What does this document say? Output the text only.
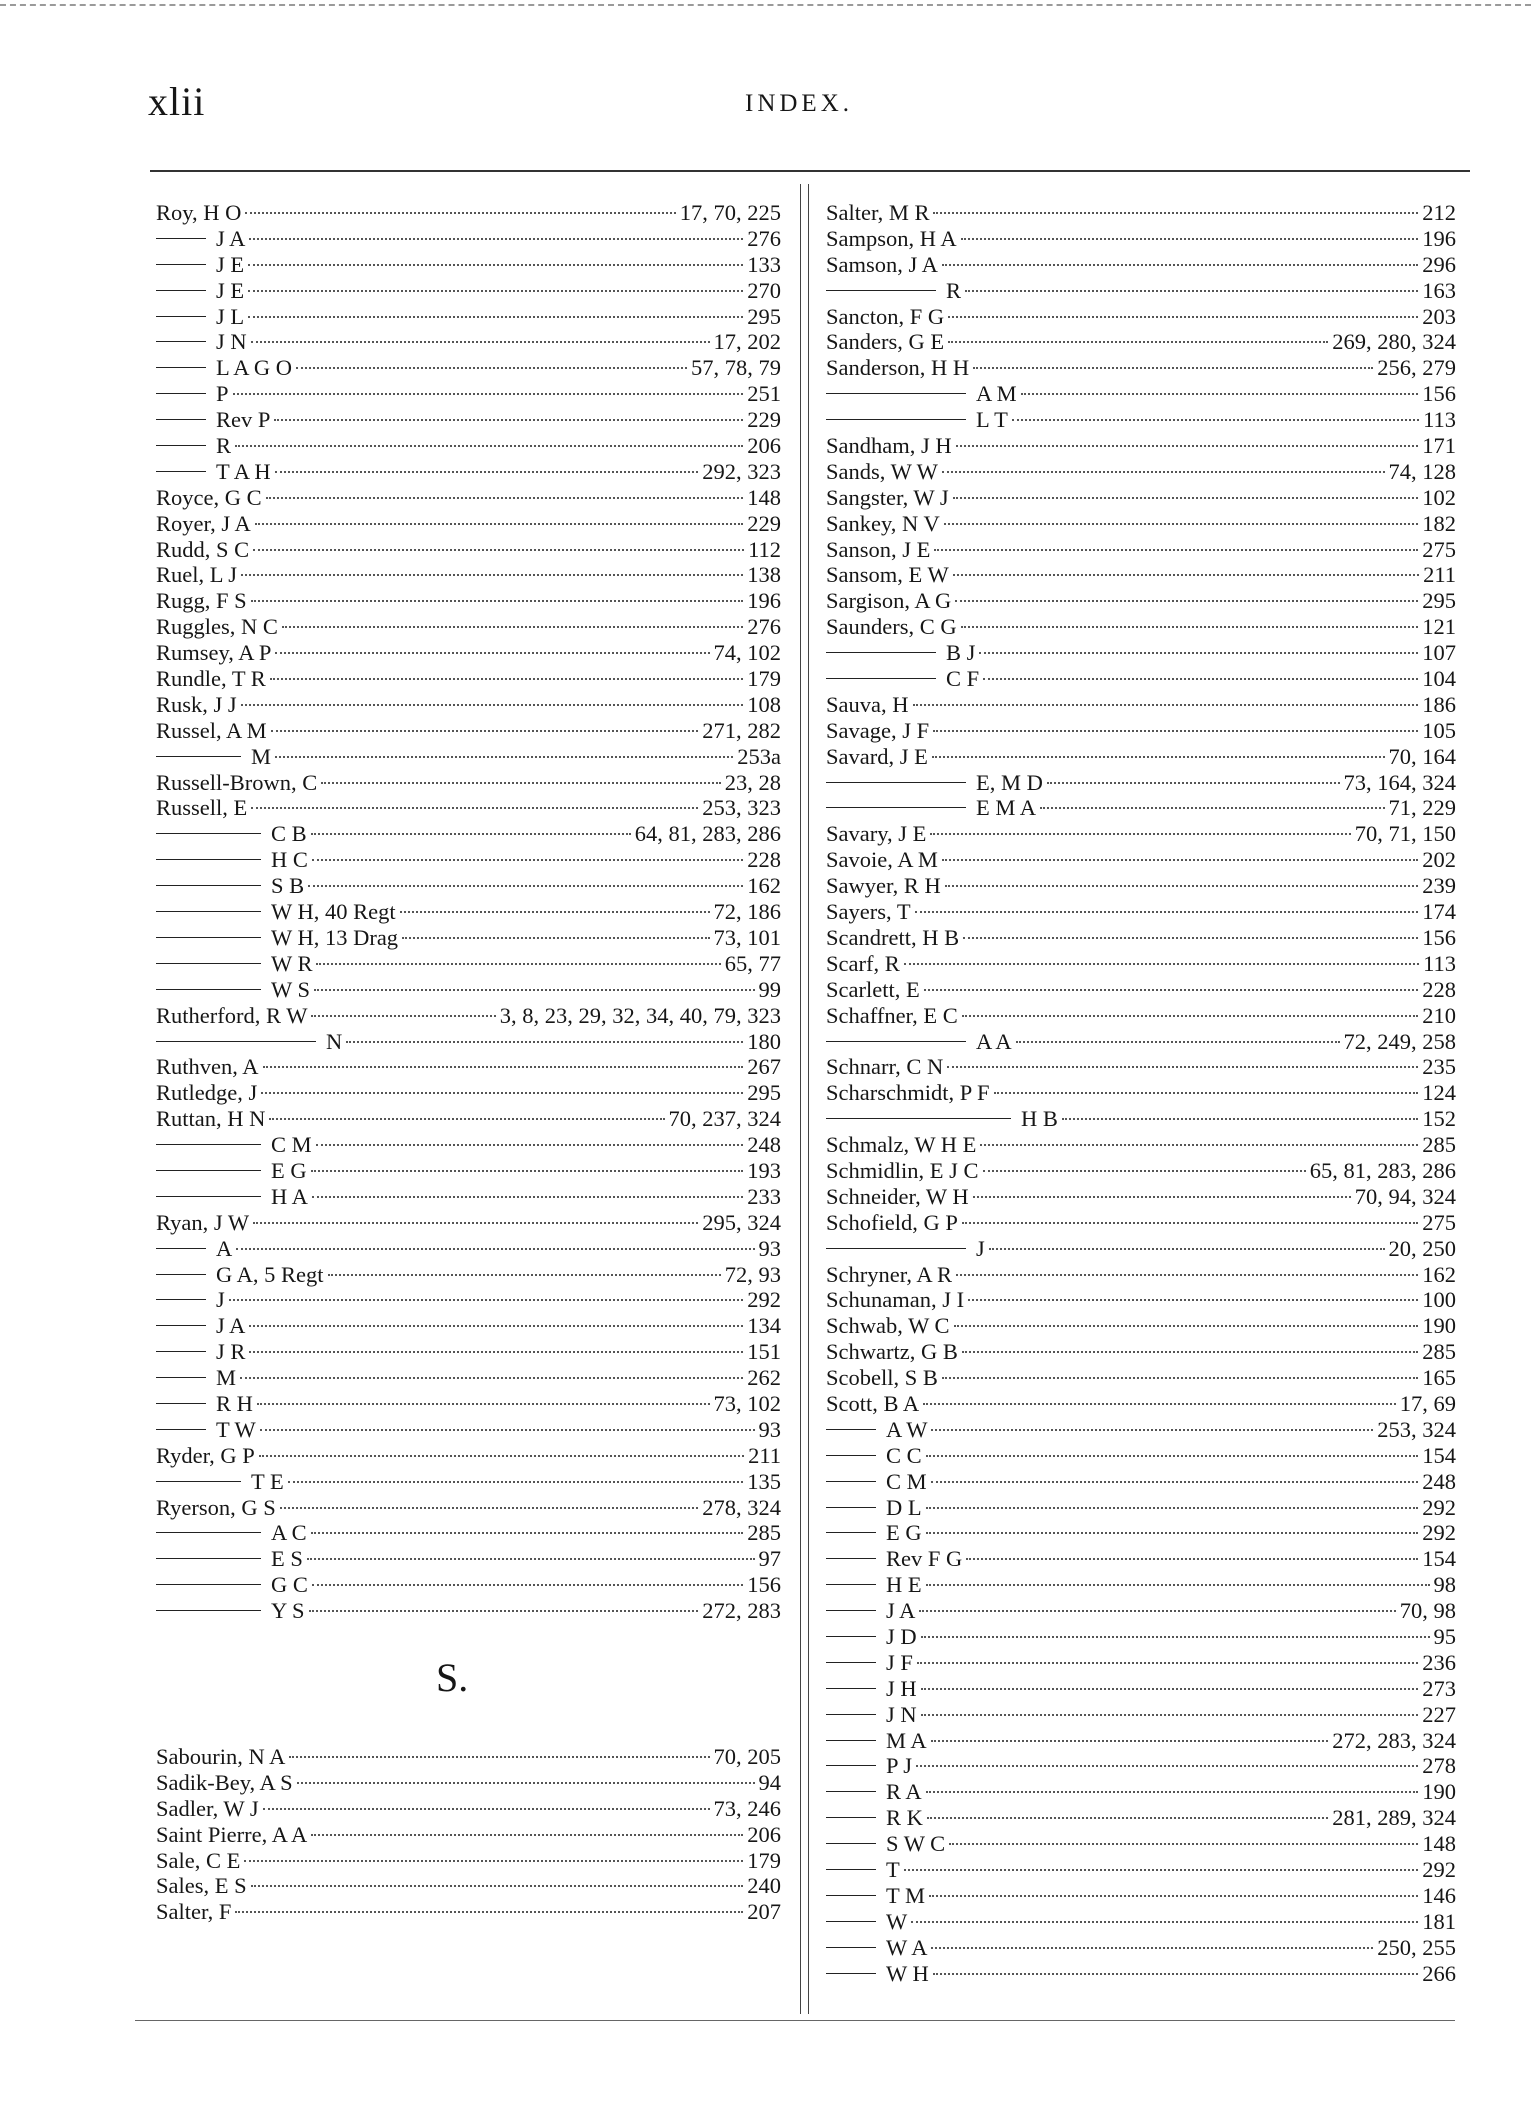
xlii	INDEX.
Roy, H O	17, 70, 225
J A	276
J E	133
J E	270
J L	295
J N	17, 202
L A G O	57, 78, 79
P	251
Rev P	229
R	206
T A H	292, 323
Royce, G C	148
Royer, J A	229
Rudd, S C	112
Ruel, L J	138
Rugg, F S	196
Ruggles, N C	276
Rumsey, A P	74, 102
Rundle, T R	179
Rusk, J J	108
Russel, A M	271, 282
M	253a
Russell-Brown, C	23, 28
Russell, E	253, 323
C B	64, 81, 283, 286
H C	228
S B	162
W H, 40 Regt	72, 186
W H, 13 Drag	73, 101
W R	65, 77
W S	99
Rutherford, R W	3, 8, 23, 29, 32, 34, 40, 79, 323
N	180
Ruthven, A	267
Rutledge, J	295
Ruttan, H N	70, 237, 324
C M	248
E G	193
H A	233
Ryan, J W	295, 324
A	93
G A, 5 Regt	72, 93
J	292
J A	134
J R	151
M	262
R H	73, 102
T W	93
Ryder, G P	211
T E	135
Ryerson, G S	278, 324
A C	285
E S	97
G C	156
Y S	272, 283
S.
Sabourin, N A	70, 205
Sadik-Bey, A S	94
Sadler, W J	73, 246
Saint Pierre, A A	206
Sale, C E	179
Sales, E S	240
Salter, F	207
Salter, M R	212
Sampson, H A	196
Samson, J A	296
R	163
Sancton, F G	203
Sanders, G E	269, 280, 324
Sanderson, H H	256, 279
A M	156
L T	113
Sandham, J H	171
Sands, W W	74, 128
Sangster, W J	102
Sankey, N V	182
Sanson, J E	275
Sansom, E W	211
Sargison, A G	295
Saunders, C G	121
B J	107
C F	104
Sauva, H	186
Savage, J F	105
Savard, J E	70, 164
E, M D	73, 164, 324
E M A	71, 229
Savary, J E	70, 71, 150
Savoie, A M	202
Sawyer, R H	239
Sayers, T	174
Scandrett, H B	156
Scarf, R	113
Scarlett, E	228
Schaffner, E C	210
A A	72, 249, 258
Schnarr, C N	235
Scharschmidt, P F	124
H B	152
Schmalz, W H E	285
Schmidlin, E J C	65, 81, 283, 286
Schneider, W H	70, 94, 324
Schofield, G P	275
J	20, 250
Schryner, A R	162
Schunaman, J I	100
Schwab, W C	190
Schwartz, G B	285
Scobell, S B	165
Scott, B A	17, 69
A W	253, 324
C C	154
C M	248
D L	292
E G	292
Rev F G	154
H E	98
J A	70, 98
J D	95
J F	236
J H	273
J N	227
M A	272, 283, 324
P J	278
R A	190
R K	281, 289, 324
S W C	148
T	292
T M	146
W	181
W A	250, 255
W H	266
